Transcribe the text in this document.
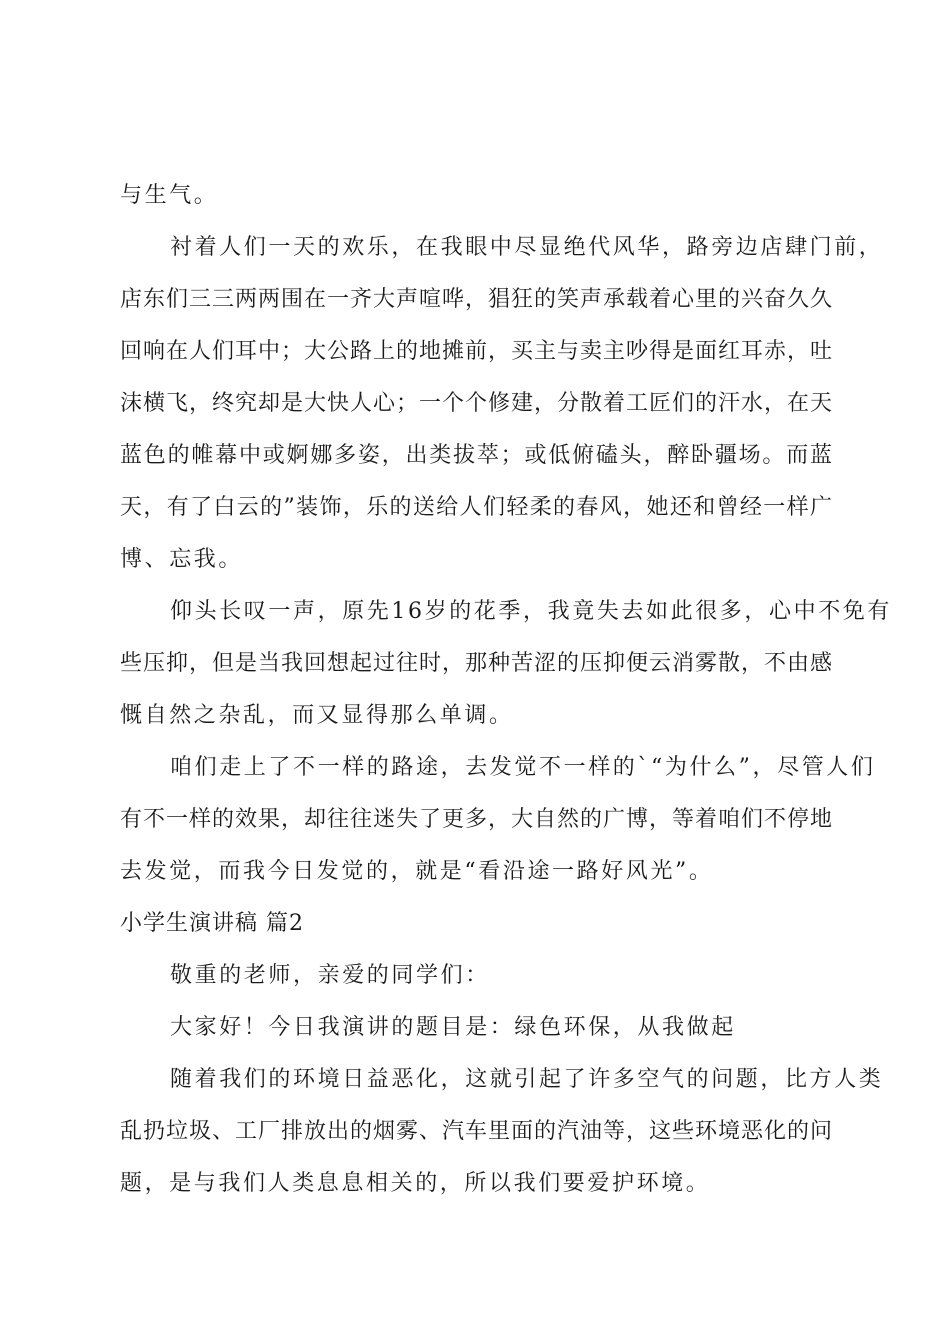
与生气。
衬着人们一天的欢乐，在我眼中尽显绝代风华，路旁边店肆门前，
店东们三三两两围在一齐大声喧哗，猖狂的笑声承载着心里的兴奋久久
回响在人们耳中；大公路上的地摊前，买主与卖主吵得是面红耳赤，吐
沫横飞，终究却是大快人心；一个个修建，分散着工匠们的汗水，在天
蓝色的帷幕中或婀娜多姿，出类拔萃；或低俯磕头，醉卧疆场。而蓝
天，有了白云的”装饰，乐的送给人们轻柔的春风，她还和曾经一样广
博、忘我。
仰头长叹一声，原先16岁的花季，我竟失去如此很多，心中不免有
些压抑，但是当我回想起过往时，那种苦涩的压抑便云消雾散，不由感
慨自然之杂乱，而又显得那么单调。
咱们走上了不一样的路途，去发觉不一样的`“为什么”，尽管人们
有不一样的效果，却往往迷失了更多，大自然的广博，等着咱们不停地
去发觉，而我今日发觉的，就是“看沿途一路好风光”。
小学生演讲稿 篇2
敬重的老师，亲爱的同学们：
大家好！今日我演讲的题目是：绿色环保，从我做起
随着我们的环境日益恶化，这就引起了许多空气的问题，比方人类
乱扔垃圾、工厂排放出的烟雾、汽车里面的汽油等，这些环境恶化的问
题，是与我们人类息息相关的，所以我们要爱护环境。
